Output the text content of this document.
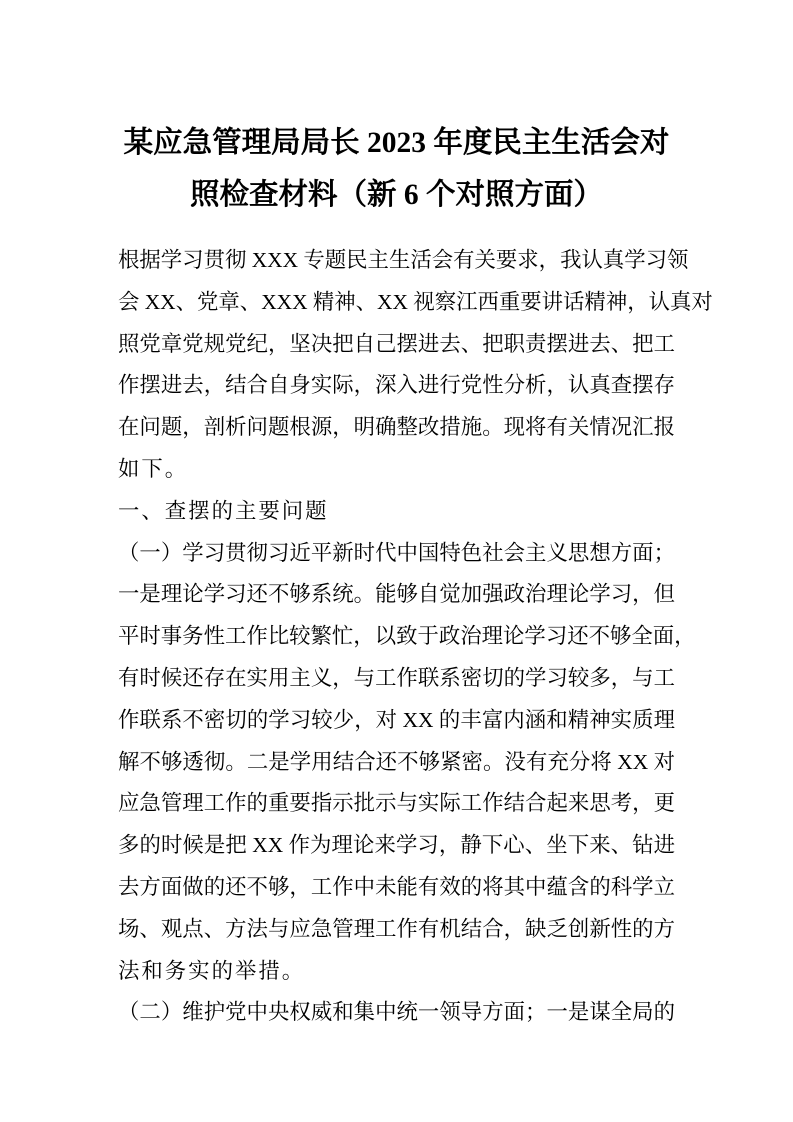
某应急管理局局长 2023 年度民主生活会对
照检查材料（新 6 个对照方面）
根据学习贯彻 XXX 专题民主生活会有关要求，我认真学习领
会 XX、党章、XXX 精神、XX 视察江西重要讲话精神，认真对
照党章党规党纪，坚决把自己摆进去、把职责摆进去、把工
作摆进去，结合自身实际，深入进行党性分析，认真查摆存
在问题，剖析问题根源，明确整改措施。现将有关情况汇报
如下。
一、查摆的主要问题
（一）学习贯彻习近平新时代中国特色社会主义思想方面；
一是理论学习还不够系统。能够自觉加强政治理论学习，但
平时事务性工作比较繁忙，以致于政治理论学习还不够全面，
有时候还存在实用主义，与工作联系密切的学习较多，与工
作联系不密切的学习较少，对 XX 的丰富内涵和精神实质理
解不够透彻。二是学用结合还不够紧密。没有充分将 XX 对
应急管理工作的重要指示批示与实际工作结合起来思考，更
多的时候是把 XX 作为理论来学习，静下心、坐下来、钻进
去方面做的还不够，工作中未能有效的将其中蕴含的科学立
场、观点、方法与应急管理工作有机结合，缺乏创新性的方
法和务实的举措。
（二）维护党中央权威和集中统一领导方面；一是谋全局的
